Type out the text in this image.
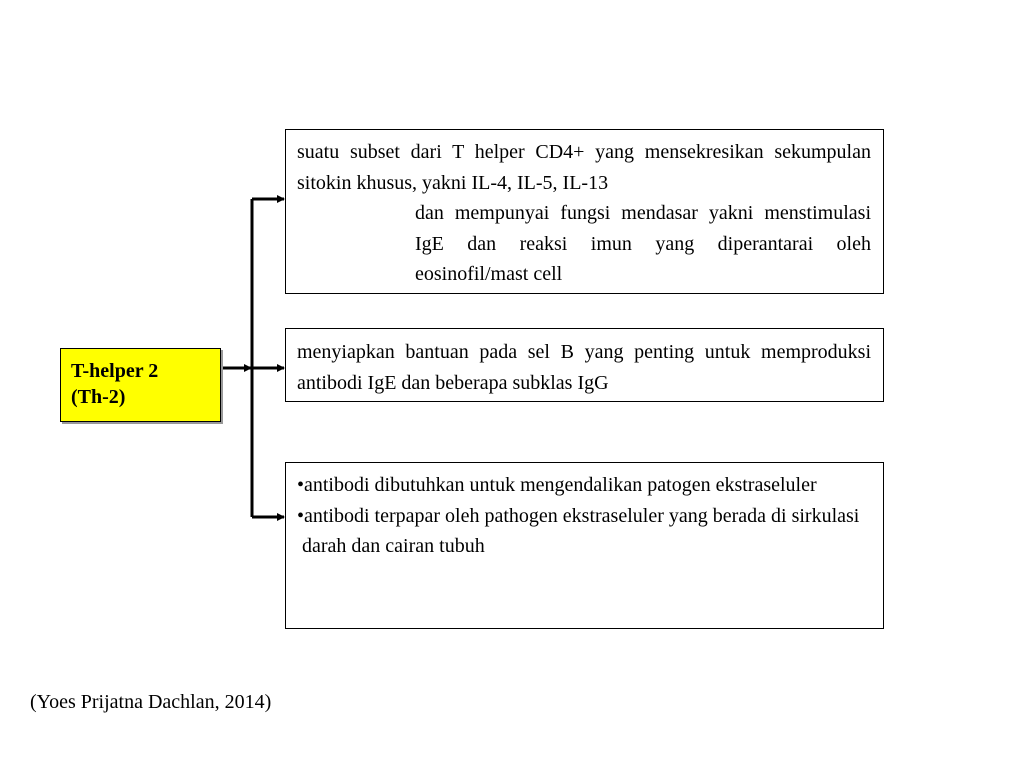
T-helper 2
(Th-2)

suatu subset dari T helper CD4+ yang mensekresikan sekumpulan sitokin khusus, yakni IL-4, IL-5, IL-13

dan mempunyai fungsi mendasar yakni menstimulasi IgE dan reaksi imun yang diperantarai oleh eosinofil/mast cell

menyiapkan bantuan pada sel B yang penting untuk memproduksi antibodi IgE dan beberapa subklas IgG

•antibodi dibutuhkan untuk mengendalikan patogen ekstraseluler

•antibodi terpapar oleh pathogen ekstraseluler yang berada di sirkulasi

darah dan cairan tubuh

(Yoes Prijatna Dachlan, 2014)
